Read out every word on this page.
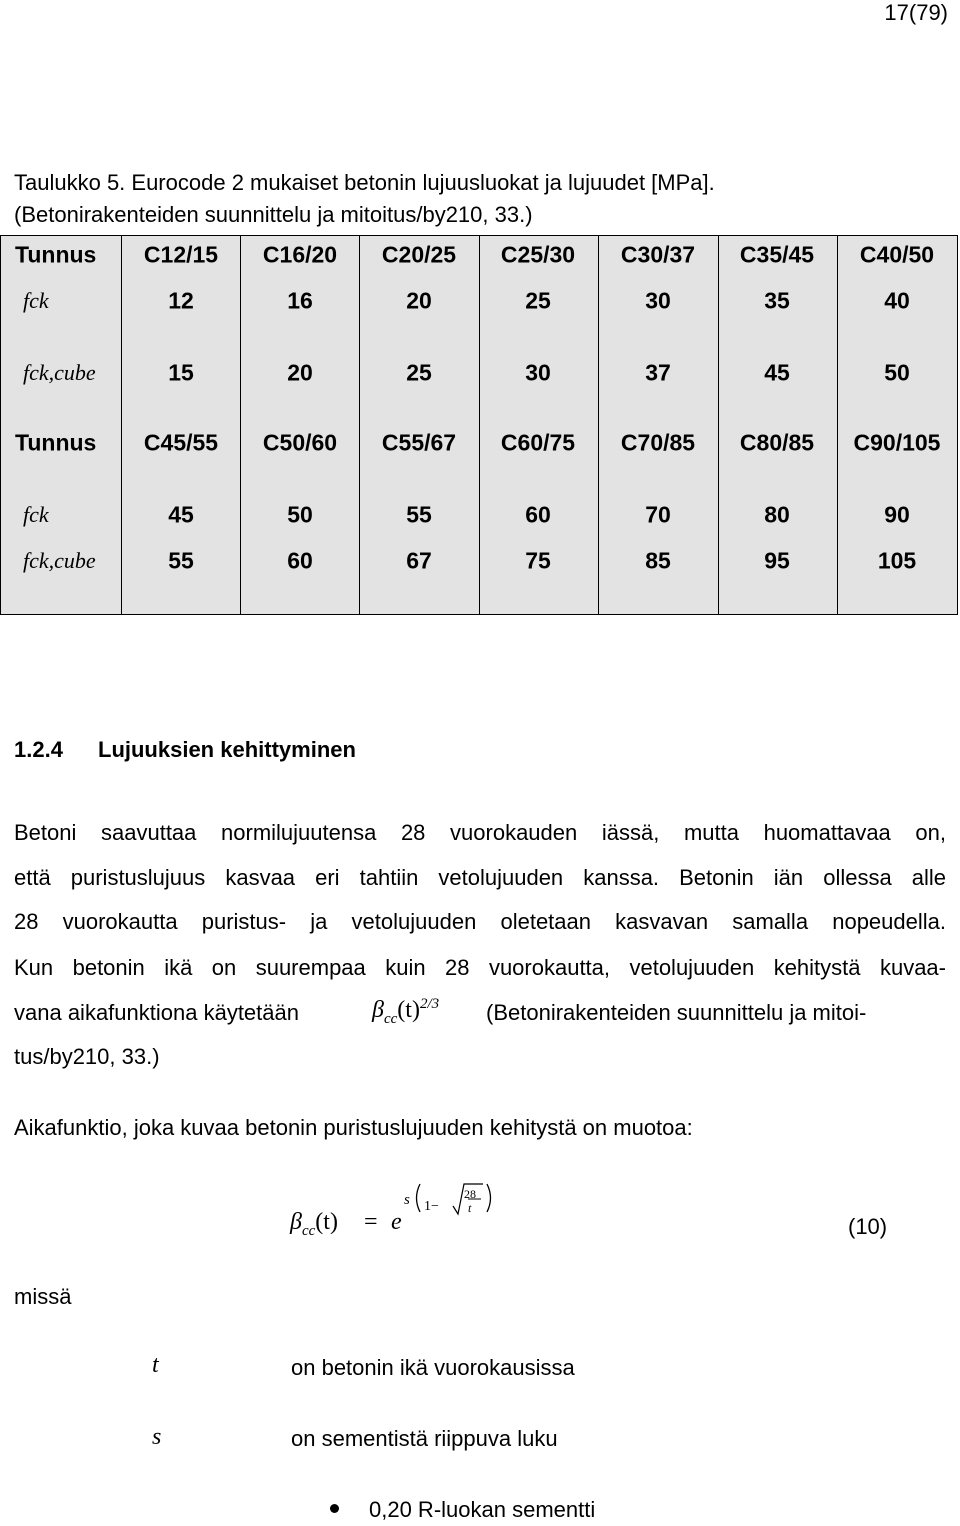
17(79)
Taulukko 5. Eurocode 2 mukaiset betonin lujuusluokat ja lujuudet [MPa].
(Betonirakenteiden suunnittelu ja mitoitus/by210, 33.)
Tunnus C12/15 C16/20 C20/25 C25/30 C30/37 C35/45 C40/50
fck	12	16	20	25	30	35	40
fck,cube	15	20	25	30	37	45	50
Tunnus C45/55 C50/60 C55/67 C60/75 C70/85 C80/85 C90/105
fck	45	50	55	60	70	80	90
fck,cube	55	60	67	75	85	95	105
1.2.4 Lujuuksien kehittyminen
Betoni saavuttaa normilujuutensa 28 vuorokauden iässä, mutta huomattavaa on,
että puristuslujuus kasvaa eri tahtiin vetolujuuden kanssa. Betonin iän ollessa alle
28 vuorokautta puristus- ja vetolujuuden oletetaan kasvavan samalla nopeudella.
Kun betonin ikä on suurempaa kuin 28 vuorokautta, vetolujuuden kehitystä kuvaa-
vana aikafunktiona käytetään	$\beta_{cc}(t)^{2/3}$ (Betonirakenteiden suunnittelu ja mitoi-
tus/by210, 33.)
Aikafunktio, joka kuvaa betonin puristuslujuuden kehitystä on muotoa:
$\beta_{cc}(t) = e$
s 1−
28
t
(10)
missä
t	on betonin ikä vuorokausissa
s	on sementistä riippuva luku
0,20 R-luokan sementti
